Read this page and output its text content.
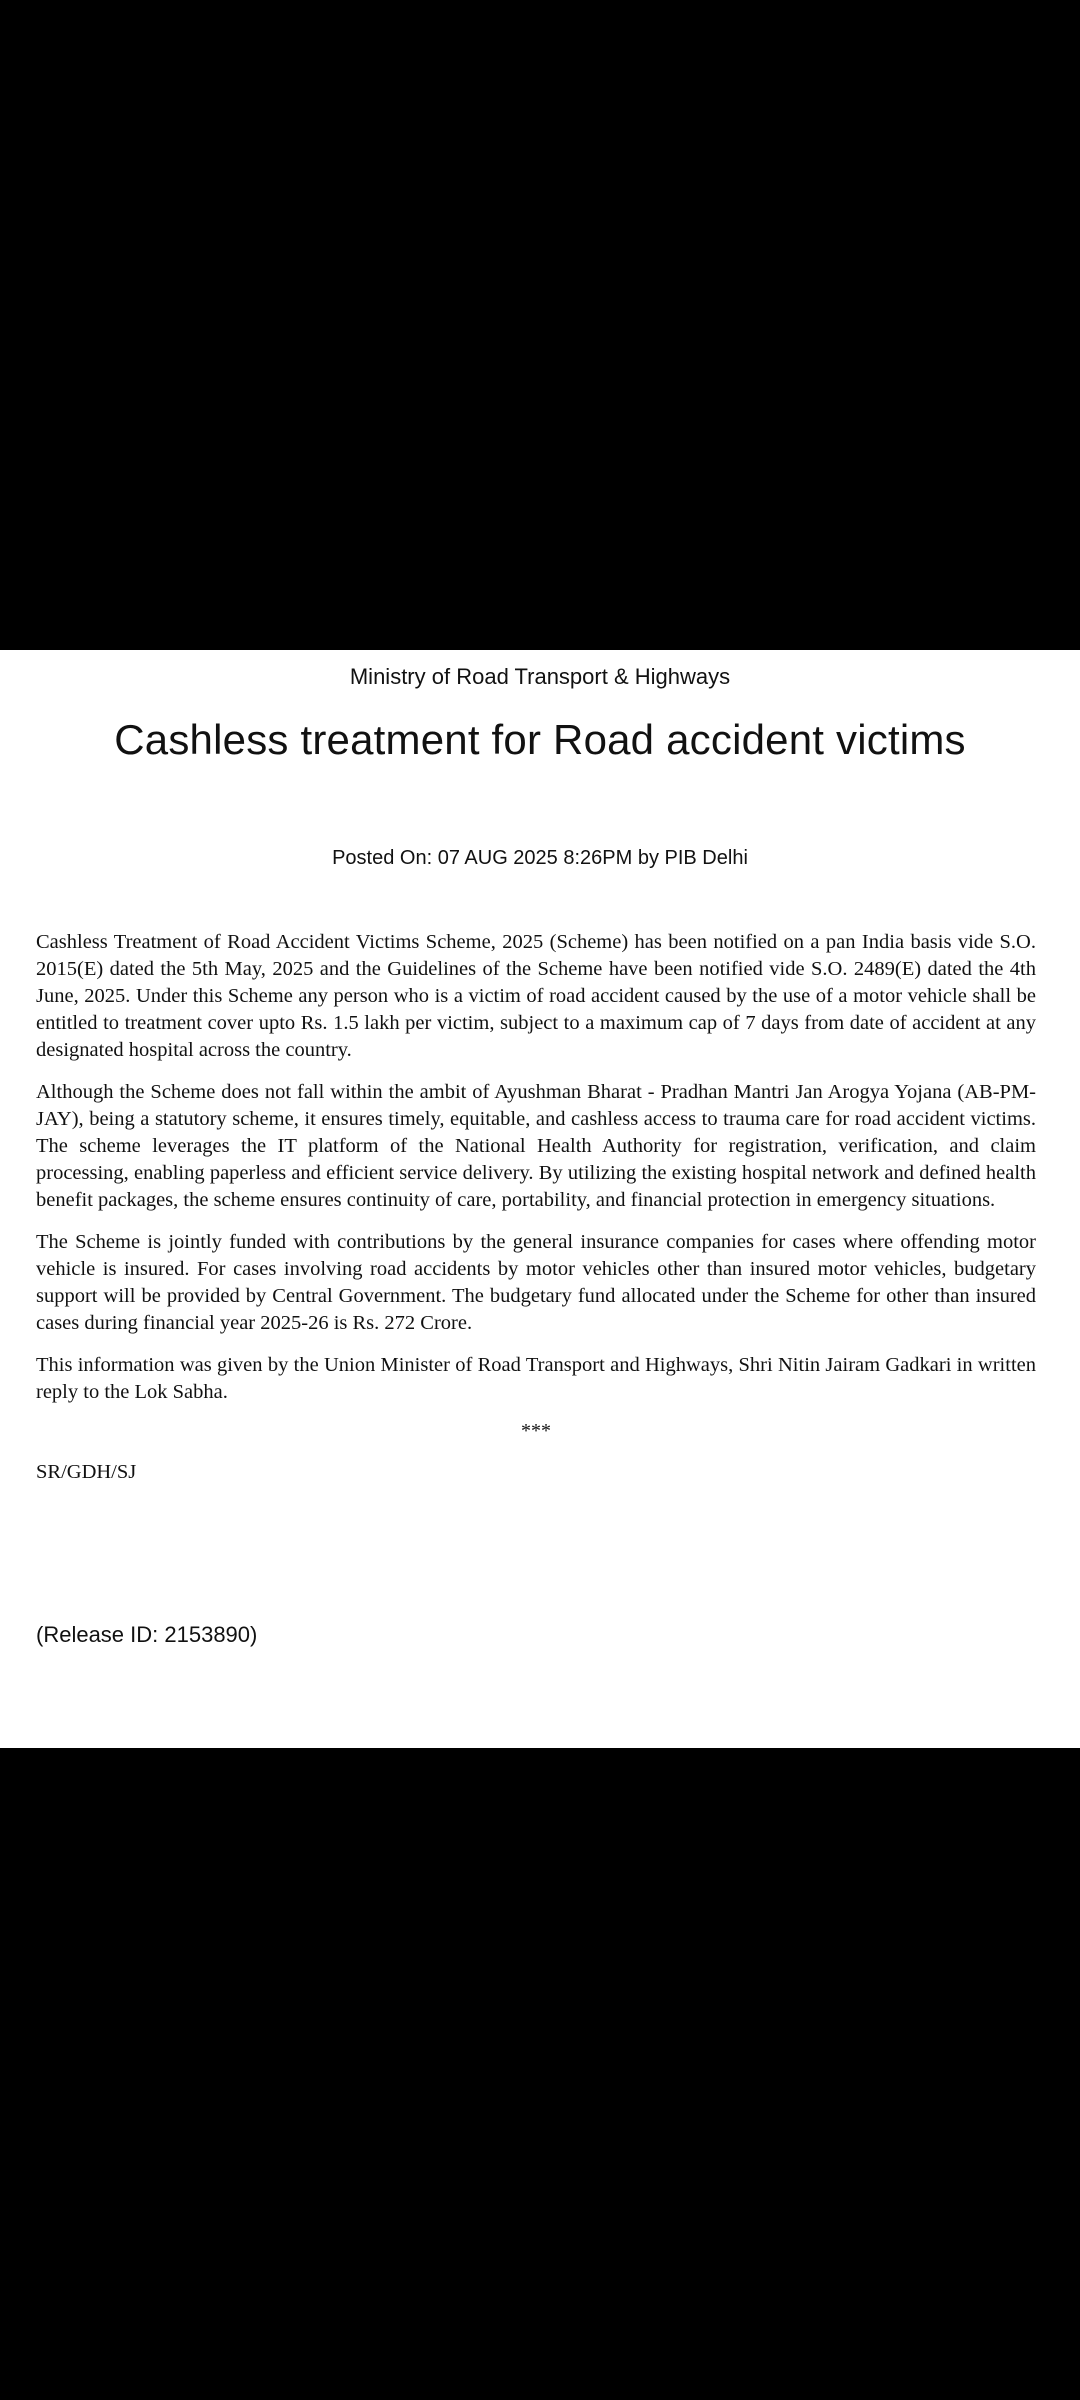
Ministry of Road Transport & Highways
Cashless treatment for Road accident victims
Posted On: 07 AUG 2025 8:26PM by PIB Delhi

Cashless Treatment of Road Accident Victims Scheme, 2025 (Scheme) has been notified on a pan India basis vide S.O. 2015(E) dated the 5th May, 2025 and the Guidelines of the Scheme have been notified vide S.O. 2489(E) dated the 4th June, 2025. Under this Scheme any person who is a victim of road accident caused by the use of a motor vehicle shall be entitled to treatment cover upto Rs. 1.5 lakh per victim, subject to a maximum cap of 7 days from date of accident at any designated hospital across the country.

Although the Scheme does not fall within the ambit of Ayushman Bharat - Pradhan Mantri Jan Arogya Yojana (AB-PM-JAY), being a statutory scheme, it ensures timely, equitable, and cashless access to trauma care for road accident victims. The scheme leverages the IT platform of the National Health Authority for registration, verification, and claim processing, enabling paperless and efficient service delivery. By utilizing the existing hospital network and defined health benefit packages, the scheme ensures continuity of care, portability, and financial protection in emergency situations.

The Scheme is jointly funded with contributions by the general insurance companies for cases where offending motor vehicle is insured. For cases involving road accidents by motor vehicles other than insured motor vehicles, budgetary support will be provided by Central Government. The budgetary fund allocated under the Scheme for other than insured cases during financial year 2025-26 is Rs. 272 Crore.

This information was given by the Union Minister of Road Transport and Highways, Shri Nitin Jairam Gadkari in written reply to the Lok Sabha.

***
SR/GDH/SJ
(Release ID: 2153890)
